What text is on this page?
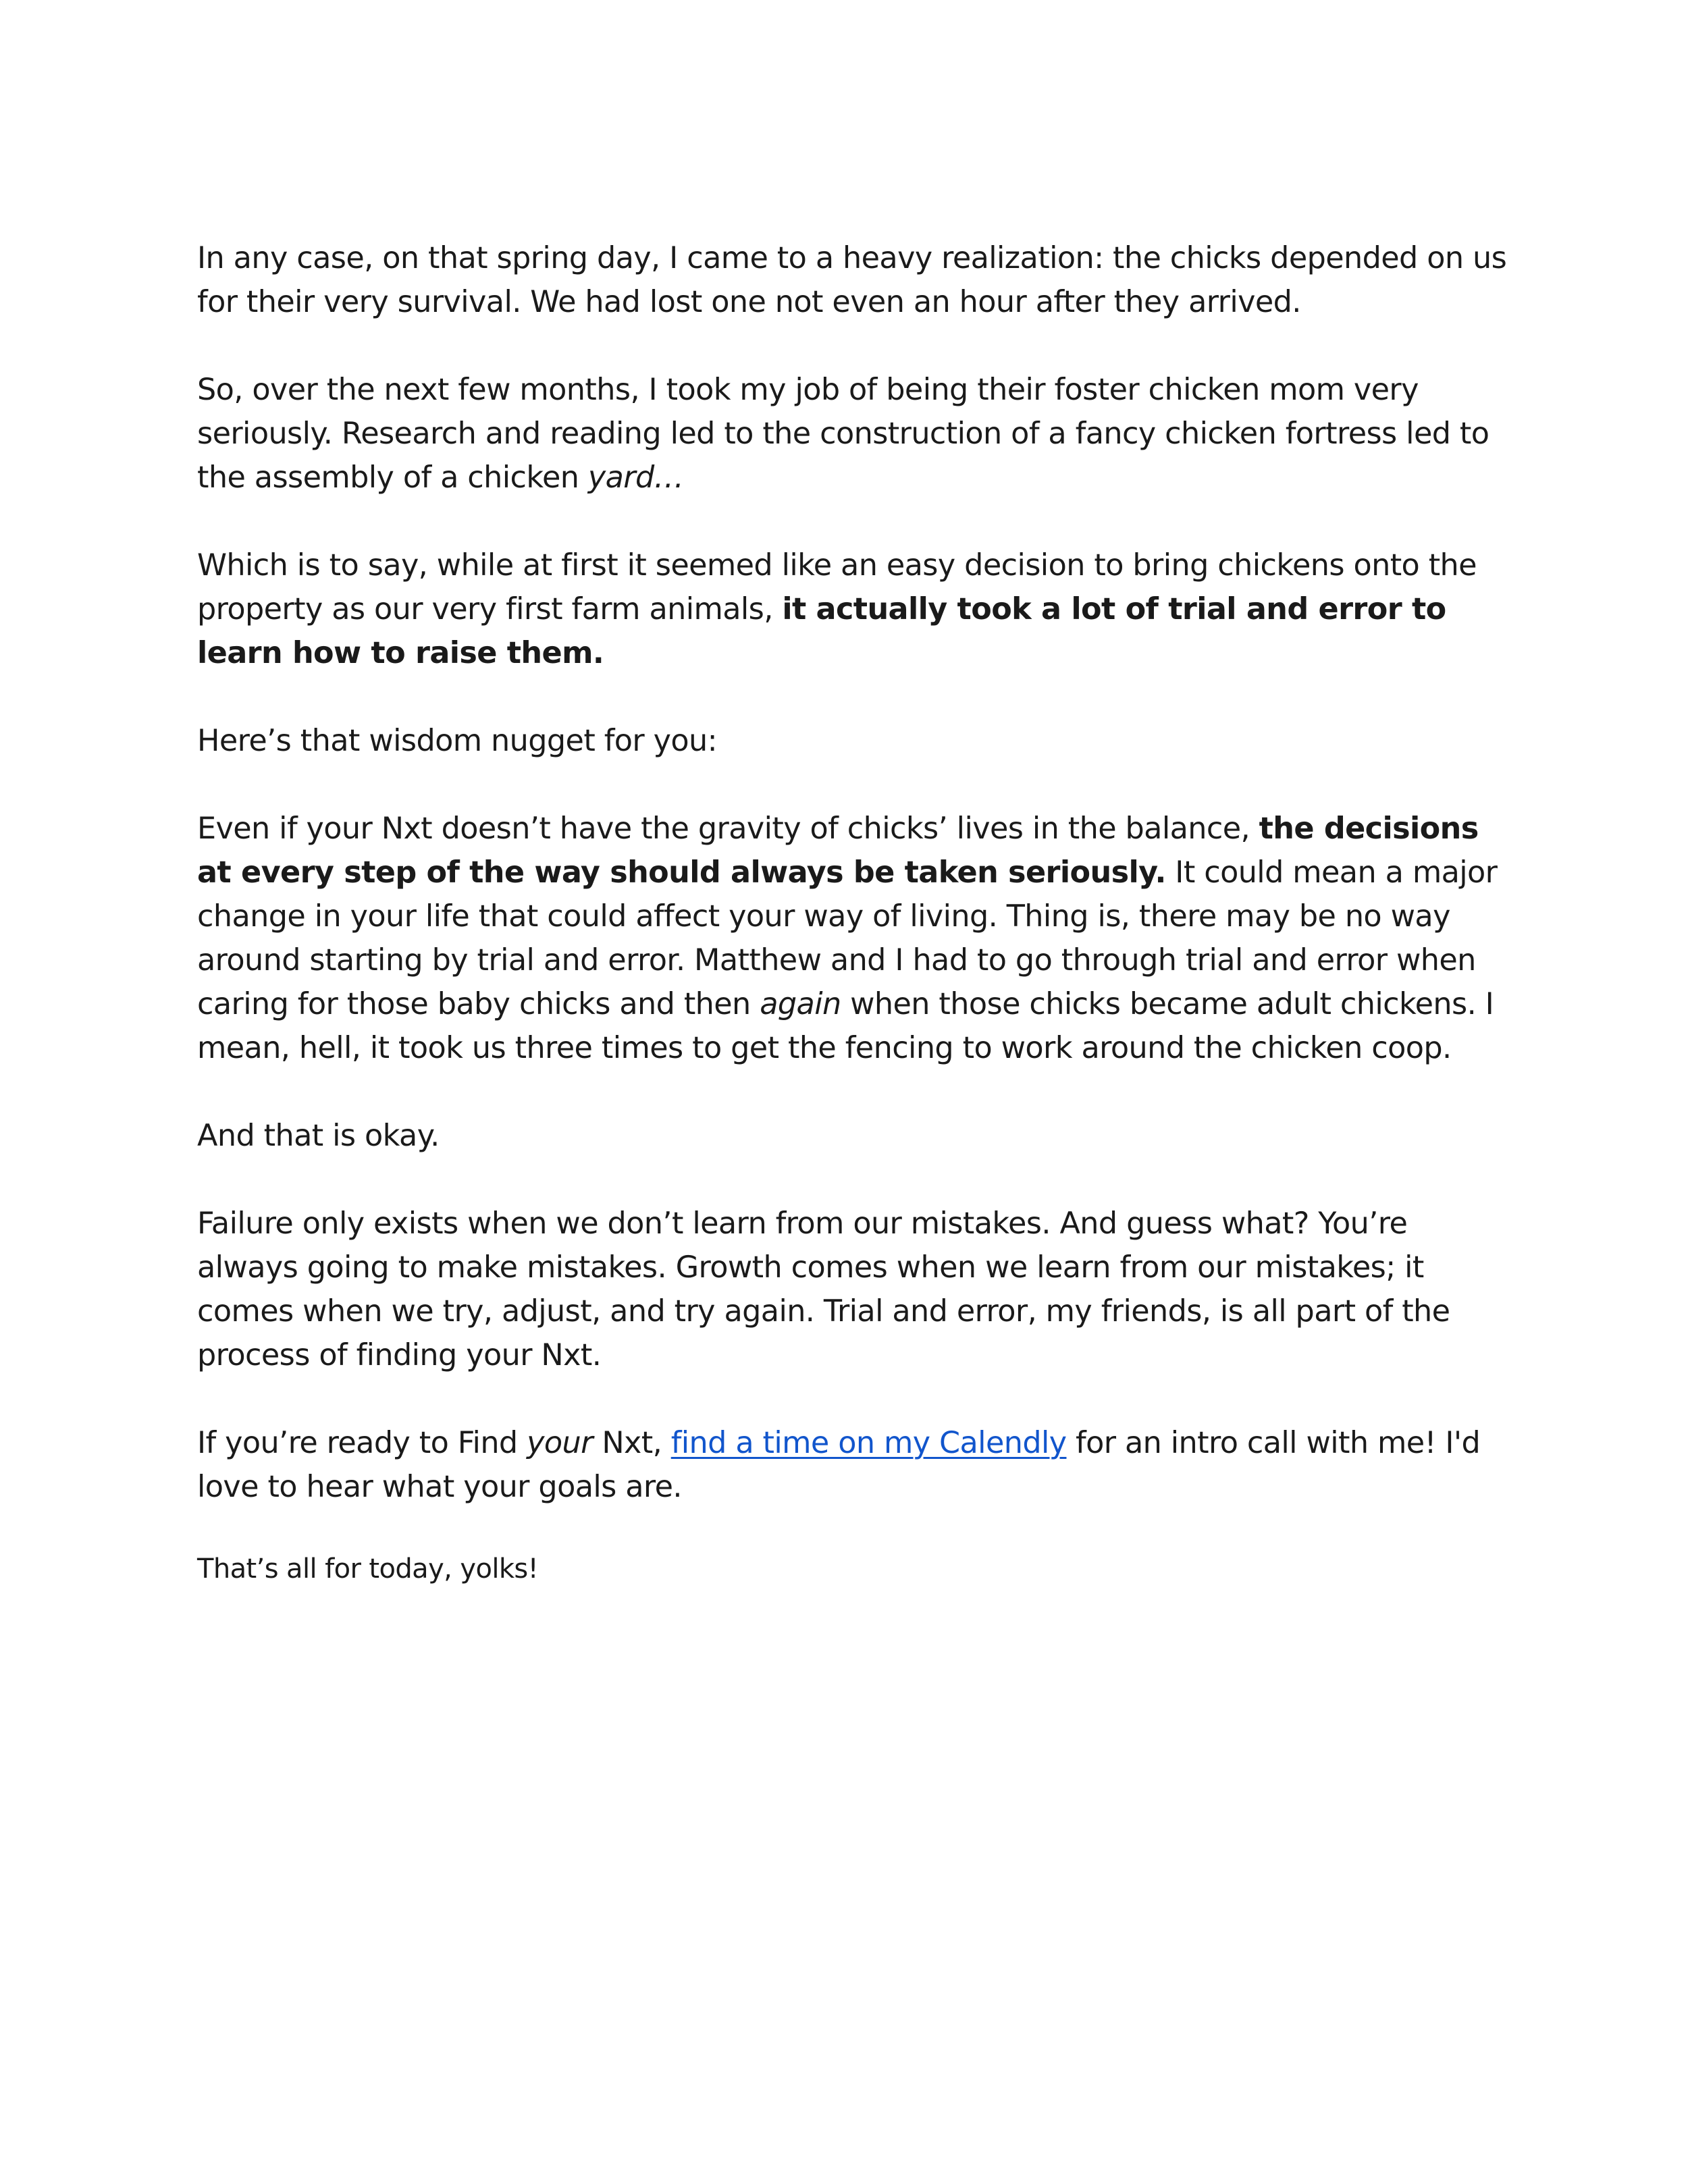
In any case, on that spring day, I came to a heavy realization: the chicks depended on us for their very survival. We had lost one not even an hour after they arrived.

So, over the next few months, I took my job of being their foster chicken mom very seriously. Research and reading led to the construction of a fancy chicken fortress led to the assembly of a chicken yard…

Which is to say, while at first it seemed like an easy decision to bring chickens onto the property as our very first farm animals, it actually took a lot of trial and error to learn how to raise them.

Here’s that wisdom nugget for you:

Even if your Nxt doesn’t have the gravity of chicks’ lives in the balance, the decisions at every step of the way should always be taken seriously. It could mean a major change in your life that could affect your way of living. Thing is, there may be no way around starting by trial and error. Matthew and I had to go through trial and error when caring for those baby chicks and then again when those chicks became adult chickens. I mean, hell, it took us three times to get the fencing to work around the chicken coop.

And that is okay.

Failure only exists when we don’t learn from our mistakes. And guess what? You’re always going to make mistakes. Growth comes when we learn from our mistakes; it comes when we try, adjust, and try again. Trial and error, my friends, is all part of the process of finding your Nxt.

If you’re ready to Find your Nxt, find a time on my Calendly for an intro call with me! I'd love to hear what your goals are.

That’s all for today, yolks!
